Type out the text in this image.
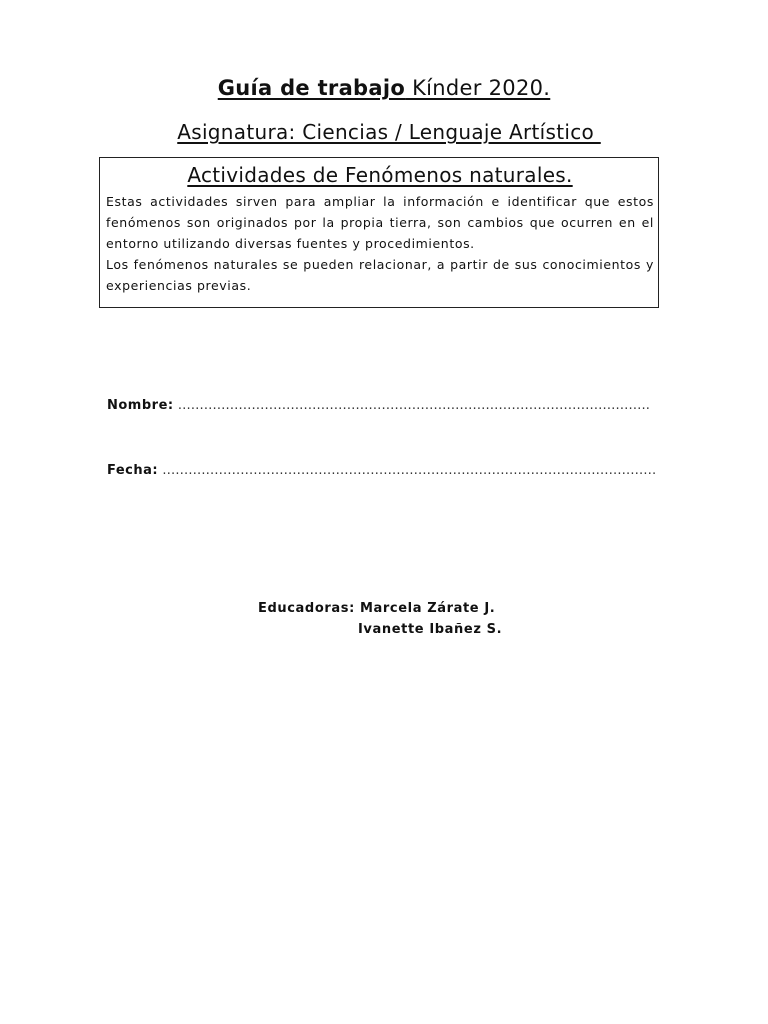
Guía de trabajo Kínder 2020.
Asignatura: Ciencias / Lenguaje Artístico
Actividades de Fenómenos naturales.

Estas actividades sirven para ampliar la información e identificar que estos fenómenos son originados por la propia tierra, son cambios que ocurren en el entorno utilizando diversas fuentes y procedimientos.

Los fenómenos naturales se pueden relacionar, a partir de sus conocimientos y experiencias previas.

Nombre: ……………………………………………………………………………………………….
Fecha: ……………………………………………………………………………………………………
Educadoras: Marcela Zárate J.
Ivanette Ibañez S.
